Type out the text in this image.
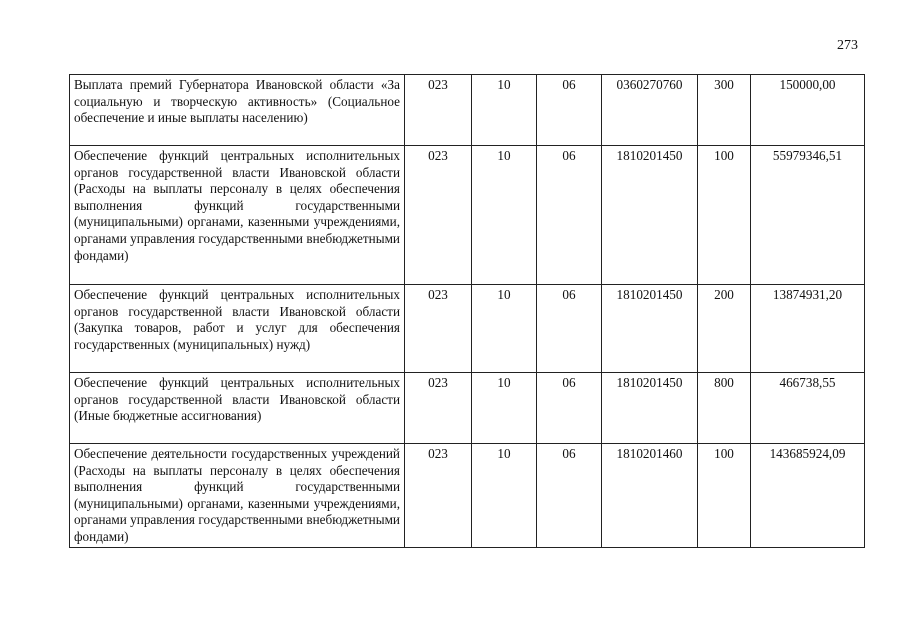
273
Выплата премий Губернатора Ивановской области «За социальную и творческую активность» (Социальное обеспечение и иные выплаты населению)	023	10	06	0360270760	300	150000,00
Обеспечение функций центральных исполнительных органов государственной власти Ивановской области (Расходы на выплаты персоналу в целях обеспечения выполнения функций государственными (муниципальными) органами, казенными учреждениями, органами управления государственными внебюджетными фондами)	023	10	06	1810201450	100	55979346,51
Обеспечение функций центральных исполнительных органов государственной власти Ивановской области (Закупка товаров, работ и услуг для обеспечения государственных (муниципальных) нужд)	023	10	06	1810201450	200	13874931,20
Обеспечение функций центральных исполнительных органов государственной власти Ивановской области (Иные бюджетные ассигнования)	023	10	06	1810201450	800	466738,55
Обеспечение деятельности государственных учреждений (Расходы на выплаты персоналу в целях обеспечения выполнения функций государственными (муниципальными) органами, казенными учреждениями, органами управления государственными внебюджетными фондами)	023	10	06	1810201460	100	143685924,09
